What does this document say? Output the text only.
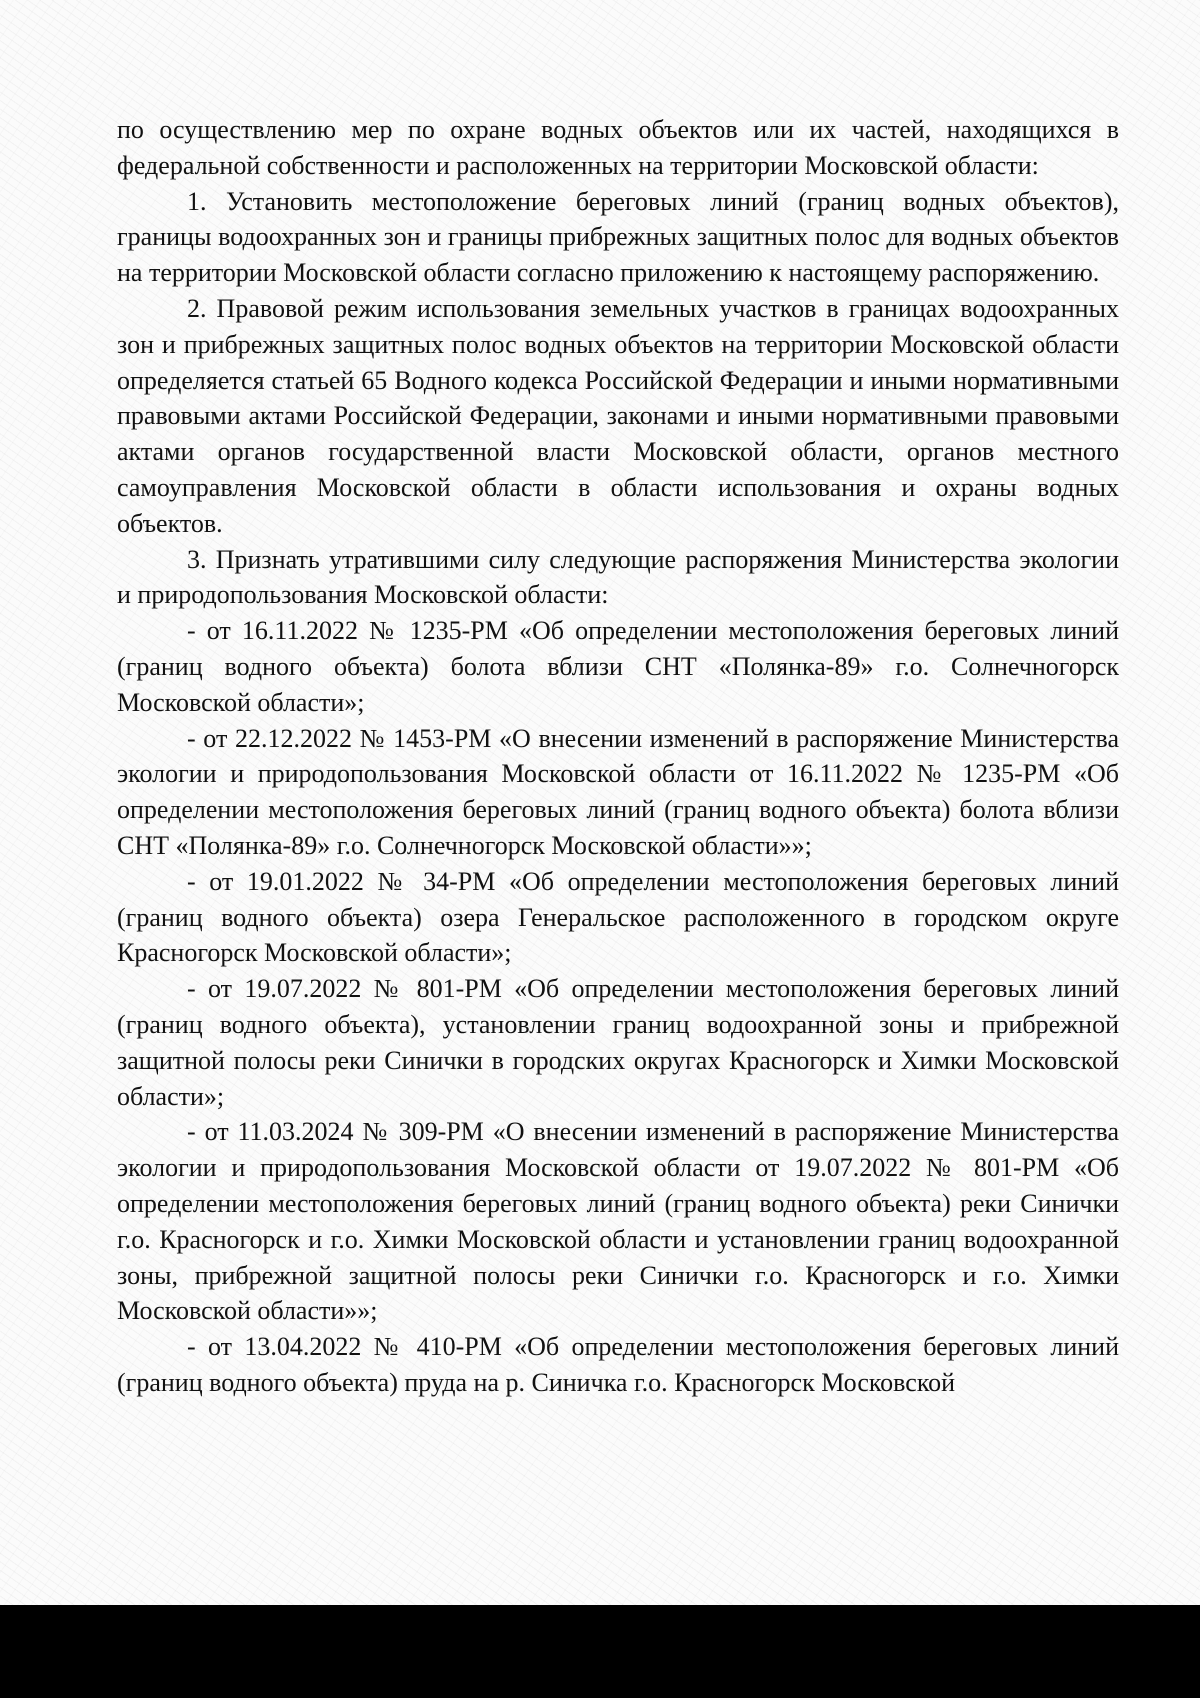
по осуществлению мер по охране водных объектов или их частей, находящихся в федеральной собственности и расположенных на территории Московской области:

1. Установить местоположение береговых линий (границ водных объектов), границы водоохранных зон и границы прибрежных защитных полос для водных объектов на территории Московской области согласно приложению к настоящему распоряжению.

2. Правовой режим использования земельных участков в границах водоохранных зон и прибрежных защитных полос водных объектов на территории Московской области определяется статьей 65 Водного кодекса Российской Федерации и иными нормативными правовыми актами Российской Федерации, законами и иными нормативными правовыми актами органов государственной власти Московской области, органов местного самоуправления Московской области в области использования и охраны водных объектов.

3. Признать утратившими силу следующие распоряжения Министерства экологии и природопользования Московской области:

- от 16.11.2022 № 1235-РМ «Об определении местоположения береговых линий (границ водного объекта) болота вблизи СНТ «Полянка-89» г.о. Солнечногорск Московской области»;

- от 22.12.2022 № 1453-РМ «О внесении изменений в распоряжение Министерства экологии и природопользования Московской области от 16.11.2022 № 1235-РМ «Об определении местоположения береговых линий (границ водного объекта) болота вблизи СНТ «Полянка-89» г.о. Солнечногорск Московской области»»;

- от 19.01.2022 № 34-РМ «Об определении местоположения береговых линий (границ водного объекта) озера Генеральское расположенного в городском округе Красногорск Московской области»;

- от 19.07.2022 № 801-РМ «Об определении местоположения береговых линий (границ водного объекта), установлении границ водоохранной зоны и прибрежной защитной полосы реки Синички в городских округах Красногорск и Химки Московской области»;

- от 11.03.2024 № 309-РМ «О внесении изменений в распоряжение Министерства экологии и природопользования Московской области от 19.07.2022 № 801-РМ «Об определении местоположения береговых линий (границ водного объекта) реки Синички г.о. Красногорск и г.о. Химки Московской области и установлении границ водоохранной зоны, прибрежной защитной полосы реки Синички г.о. Красногорск и г.о. Химки Московской области»»;

- от 13.04.2022 № 410-РМ «Об определении местоположения береговых линий (границ водного объекта) пруда на р. Синичка г.о. Красногорск Московской
